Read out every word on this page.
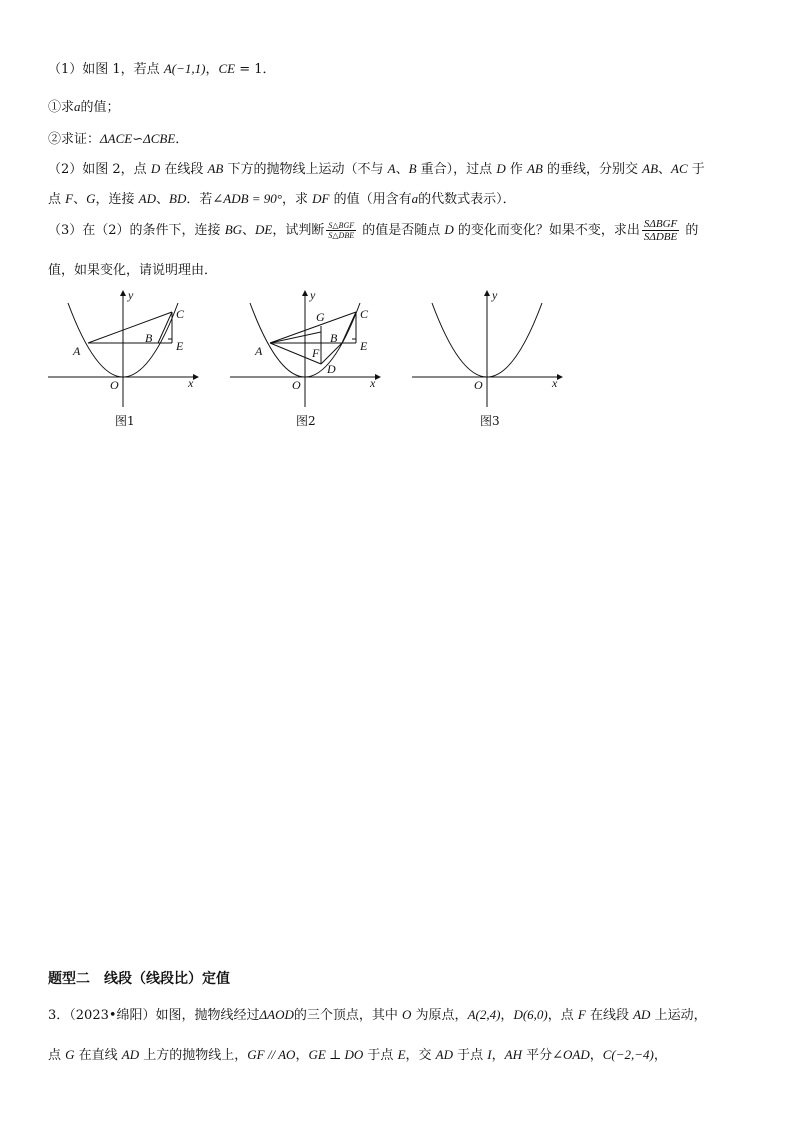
（1）如图 1，若点 A(−1,1)，CE = 1．
①求a的值；
②求证：ΔACE∽ΔCBE．
（2）如图 2，点 D 在线段 AB 下方的抛物线上运动（不与 A、B 重合），过点 D 作 AB 的垂线，分别交 AB、AC 于
点 F、G，连接 AD、BD．若∠ADB = 90°，求 DF 的值（用含有a的代数式表示）．
（3）在（2）的条件下，连接 BG、DE，试判断 $\frac{\text{S△BGF}}{\text{S△DBE}}$ 的值是否随点 D 的变化而变化？如果不变，求出 $\frac{\text{SΔBGF}}{\text{SΔDBE}}$ 的
值，如果变化，请说明理由．
y
x
O
A
B
C
E
y
x
O
A
B
C
E
G
F
D
y
x
O
图1	图2	图3
题型二　线段（线段比）定值
3．（2023•绵阳）如图，抛物线经过ΔAOD的三个顶点，其中 O 为原点，A(2,4)，D(6,0)，点 F 在线段 AD 上运动，
点 G 在直线 AD 上方的抛物线上，GF // AO，GE ⊥ DO 于点 E，交 AD 于点 I，AH 平分∠OAD，C(−2,−4)，
